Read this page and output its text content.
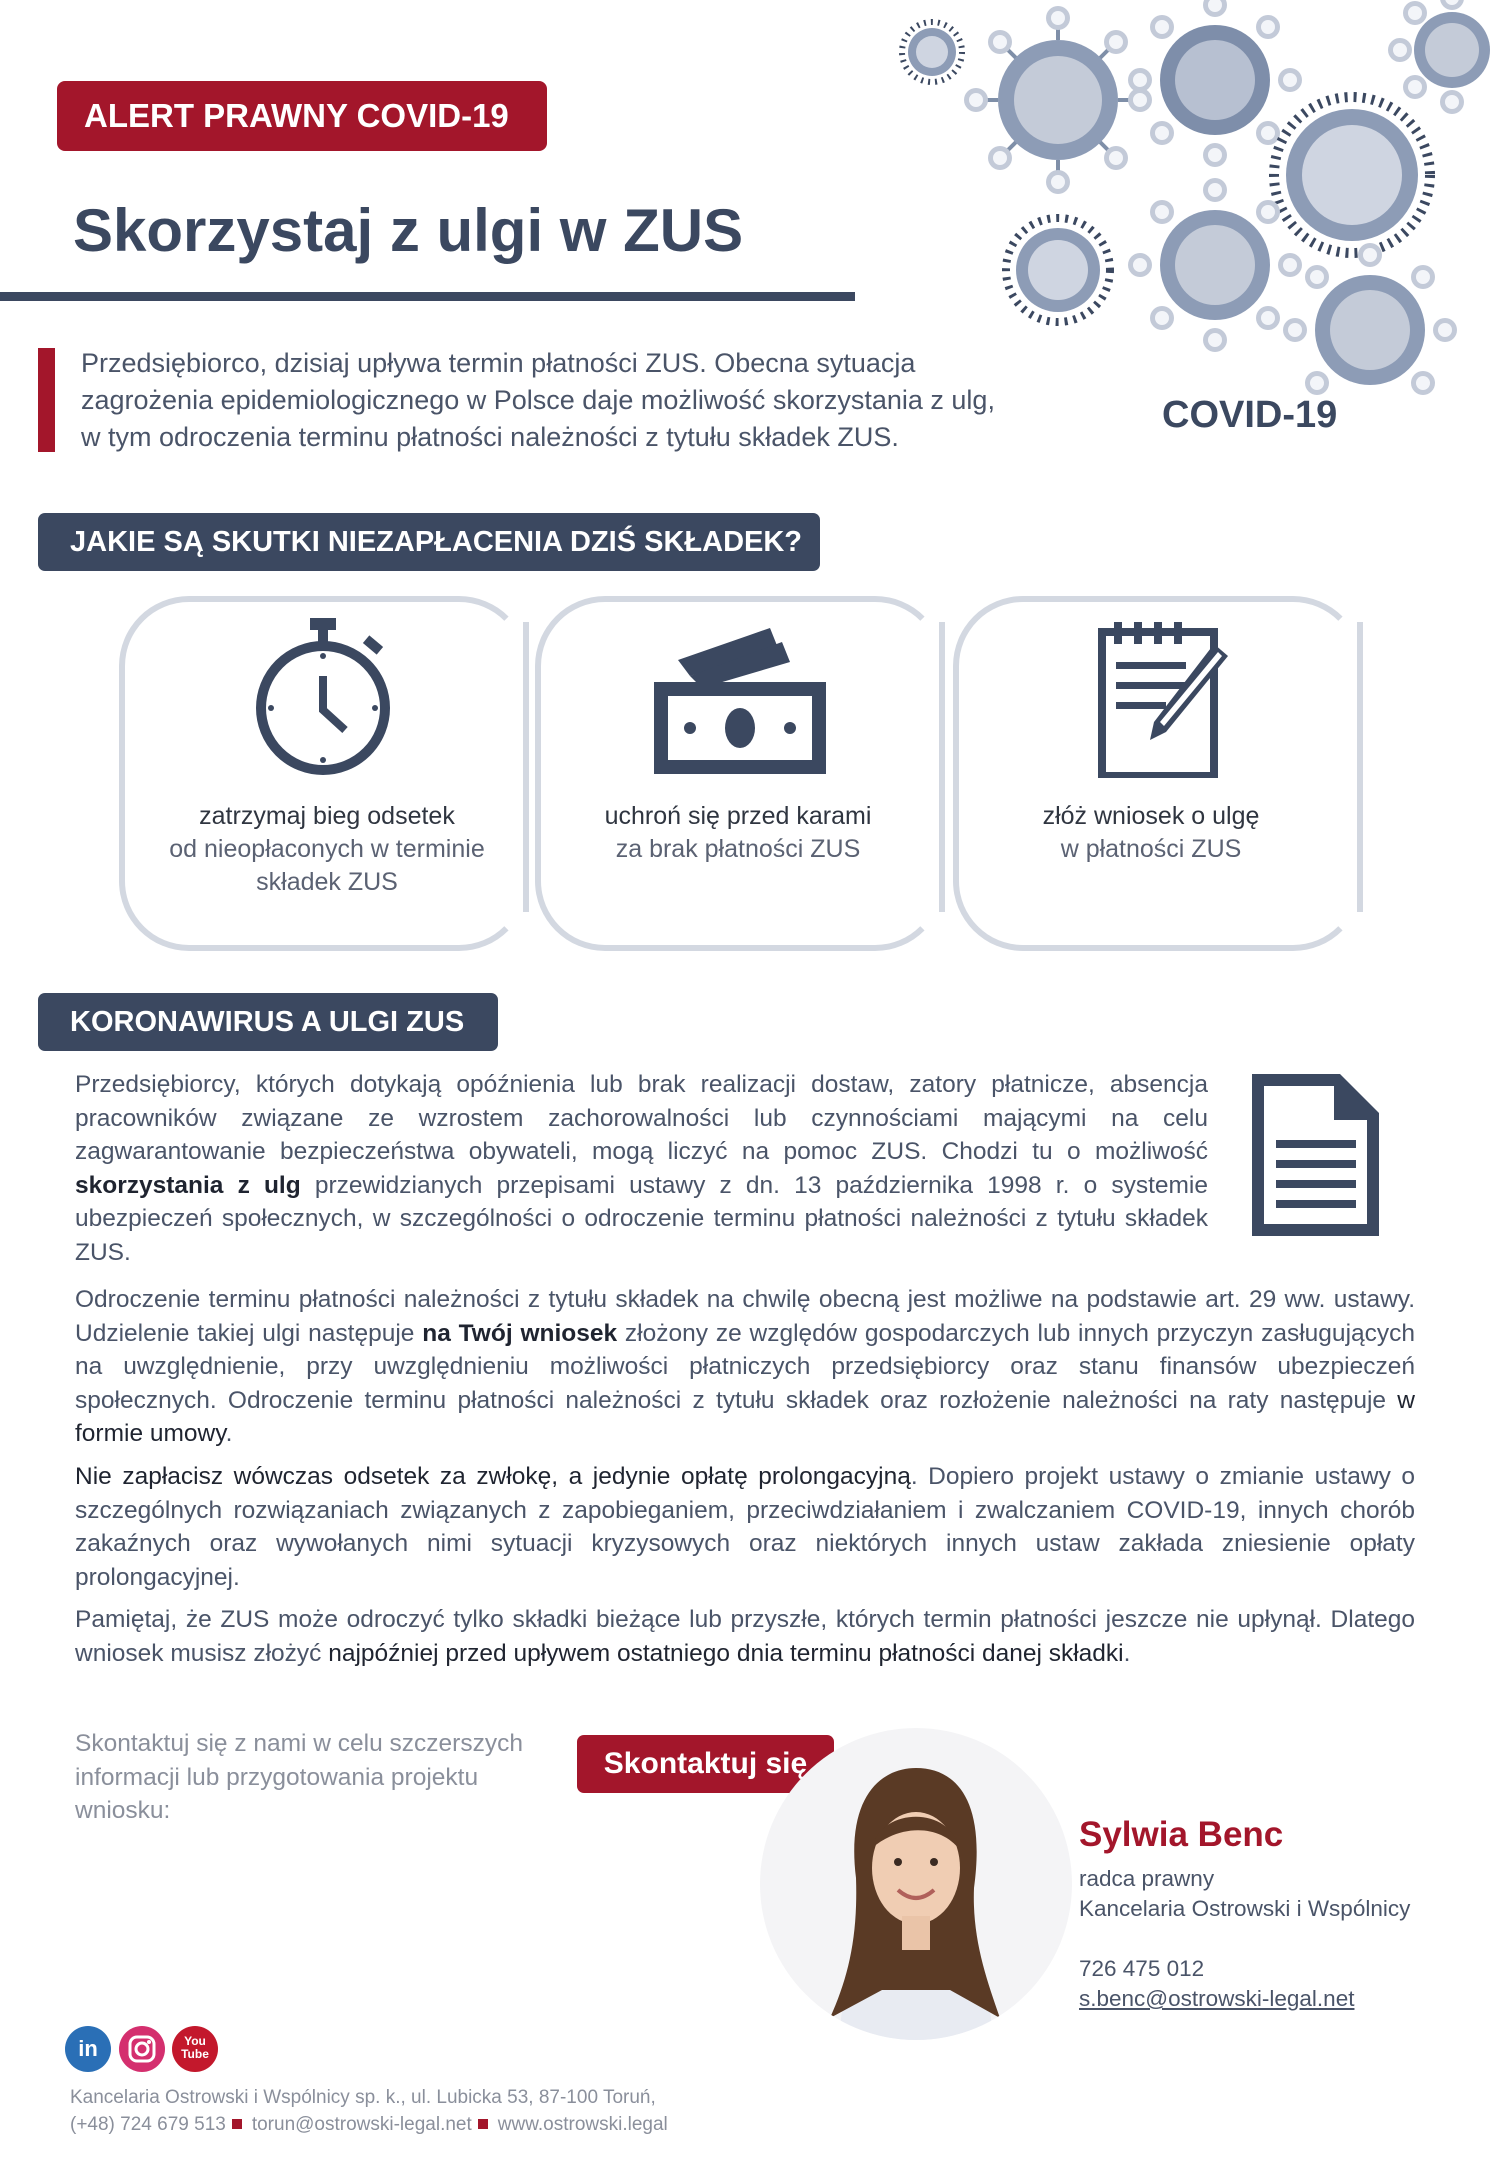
ALERT PRAWNY COVID-19
Skorzystaj z ulgi w ZUS
COVID-19

Przedsiębiorco, dzisiaj upływa termin płatności ZUS. Obecna sytuacja
zagrożenia epidemiologicznego w Polsce daje możliwość skorzystania z ulg,
w tym odroczenia terminu płatności należności z tytułu składek ZUS.

JAKIE SĄ SKUTKI NIEZAPŁACENIA DZIŚ SKŁADEK?

zatrzymaj bieg odsetek
od nieopłaconych w terminie
składek ZUS

uchroń się przed karami
za brak płatności ZUS

złóż wniosek o ulgę
w płatności ZUS

KORONAWIRUS A ULGI ZUS

Przedsiębiorcy, których dotykają opóźnienia lub brak realizacji dostaw, zatory płatnicze, absencja pracowników związane ze wzrostem zachorowalności lub czynnościami mającymi na celu zagwarantowanie bezpieczeństwa obywateli, mogą liczyć na pomoc ZUS. Chodzi tu o możliwość skorzystania z ulg przewidzianych przepisami ustawy z dn. 13 października 1998 r. o systemie ubezpieczeń społecznych, w szczególności o odroczenie terminu płatności należności z tytułu składek ZUS.

Odroczenie terminu płatności należności z tytułu składek na chwilę obecną jest możliwe na podstawie art. 29 ww. ustawy. Udzielenie takiej ulgi następuje na Twój wniosek złożony ze względów gospodarczych lub innych przyczyn zasługujących na uwzględnienie, przy uwzględnieniu możliwości płatniczych przedsiębiorcy oraz stanu finansów ubezpieczeń społecznych. Odroczenie terminu płatności należności z tytułu składek oraz rozłożenie należności na raty następuje w formie umowy.

Nie zapłacisz wówczas odsetek za zwłokę, a jedynie opłatę prolongacyjną. Dopiero projekt ustawy o zmianie ustawy o szczególnych rozwiązaniach związanych z zapobieganiem, przeciwdziałaniem i zwalczaniem COVID-19, innych chorób zakaźnych oraz wywołanych nimi sytuacji kryzysowych oraz niektórych innych ustaw zakłada zniesienie opłaty prolongacyjnej.

Pamiętaj, że ZUS może odroczyć tylko składki bieżące lub przyszłe, których termin płatności jeszcze nie upłynął. Dlatego wniosek musisz złożyć najpóźniej przed upływem ostatniego dnia terminu płatności danej składki.

Skontaktuj się z nami w celu szczerszych informacji lub przygotowania projektu wniosku:

Skontaktuj się
Sylwia Benc
radca prawny
Kancelaria Ostrowski i Wspólnicy
726 475 012
s.benc@ostrowski-legal.net
in	You
Tube
Kancelaria Ostrowski i Wspólnicy sp. k., ul. Lubicka 53, 87-100 Toruń,
(+48) 724 679 513 torun@ostrowski-legal.net www.ostrowski.legal
